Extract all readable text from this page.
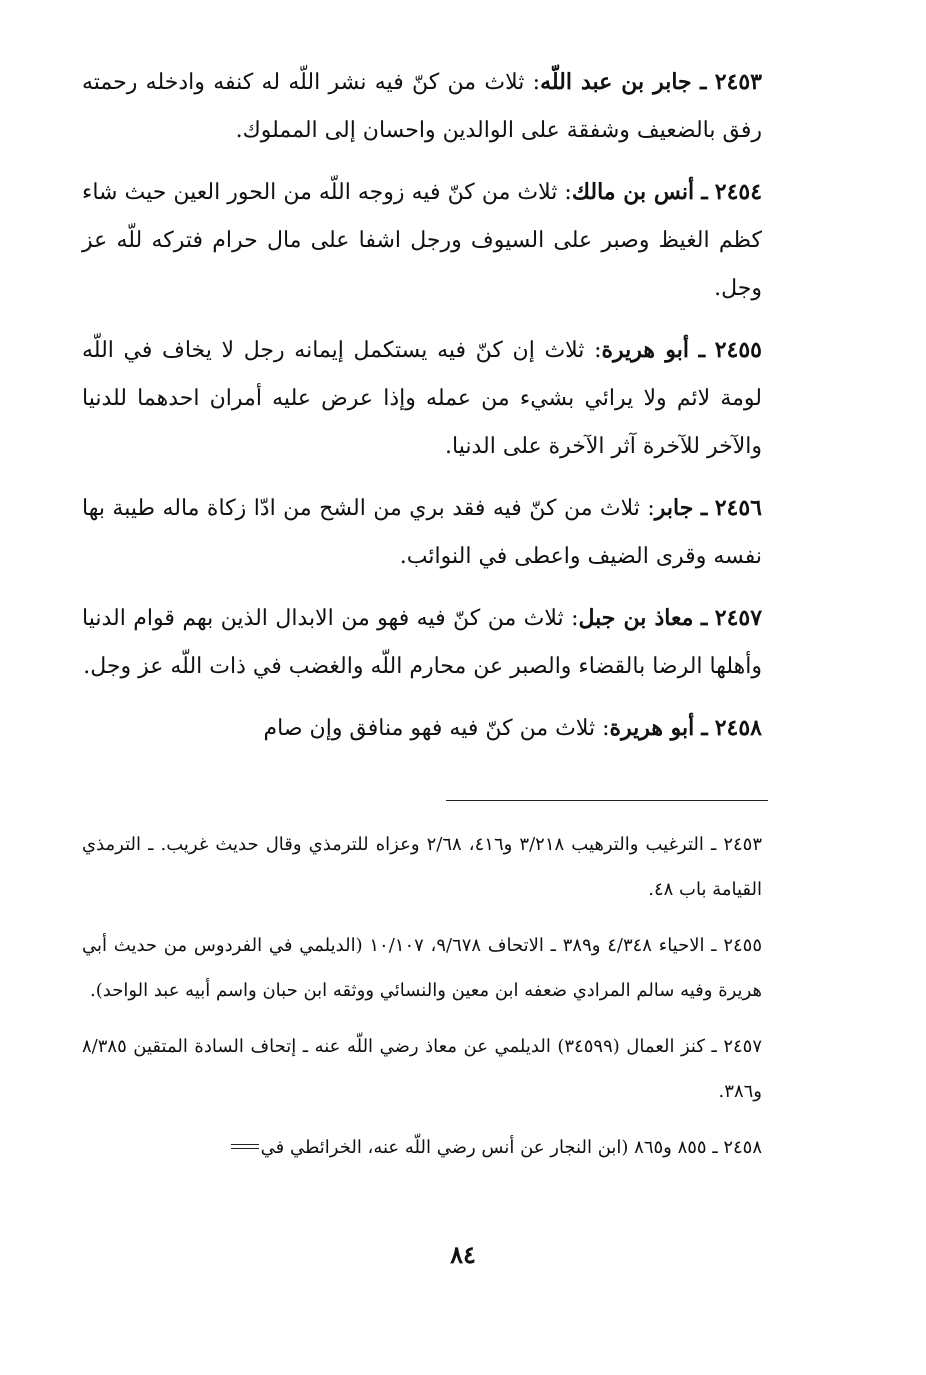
٢٤٥٣ ـ جابر بن عبد اللّه: ثلاث من كنّ فيه نشر اللّه له كنفه وادخله رحمته رفق بالضعيف وشفقة على الوالدين واحسان إلى المملوك.

٢٤٥٤ ـ أنس بن مالك: ثلاث من كنّ فيه زوجه اللّه من الحور العين حيث شاء كظم الغيظ وصبر على السيوف ورجل اشفا على مال حرام فتركه للّه عز وجل.

٢٤٥٥ ـ أبو هريرة: ثلاث إن كنّ فيه يستكمل إيمانه رجل لا يخاف في اللّه لومة لائم ولا يرائي بشيء من عمله وإذا عرض عليه أمران احدهما للدنيا والآخر للآخرة آثر الآخرة على الدنيا.

٢٤٥٦ ـ جابر: ثلاث من كنّ فيه فقد بري من الشح من ادّا زكاة ماله طيبة بها نفسه وقرى الضيف واعطى في النوائب.

٢٤٥٧ ـ معاذ بن جبل: ثلاث من كنّ فيه فهو من الابدال الذين بهم قوام الدنيا وأهلها الرضا بالقضاء والصبر عن محارم اللّه والغضب في ذات اللّه عز وجل.

٢٤٥٨ ـ أبو هريرة: ثلاث من كنّ فيه فهو منافق وإن صام

٢٤٥٣ ـ الترغيب والترهيب ٣/٢١٨ و٤١٦، ٢/٦٨ وعزاه للترمذي وقال حديث غريب. ـ الترمذي القيامة باب ٤٨.

٢٤٥٥ ـ الاحياء ٤/٣٤٨ و٣٨٩ ـ الاتحاف ٩/٦٧٨، ١٠/١٠٧ (الديلمي في الفردوس من حديث أبي هريرة وفيه سالم المرادي ضعفه ابن معين والنسائي ووثقه ابن حبان واسم أبيه عبد الواحد).

٢٤٥٧ ـ كنز العمال (٣٤٥٩٩) الديلمي عن معاذ رضي اللّه عنه ـ إتحاف السادة المتقين ٨/٣٨٥ و٣٨٦.

٢٤٥٨ ـ ٨٥٥ و٨٦٥ (ابن النجار عن أنس رضي اللّه عنه، الخرائطي في

٨٤
